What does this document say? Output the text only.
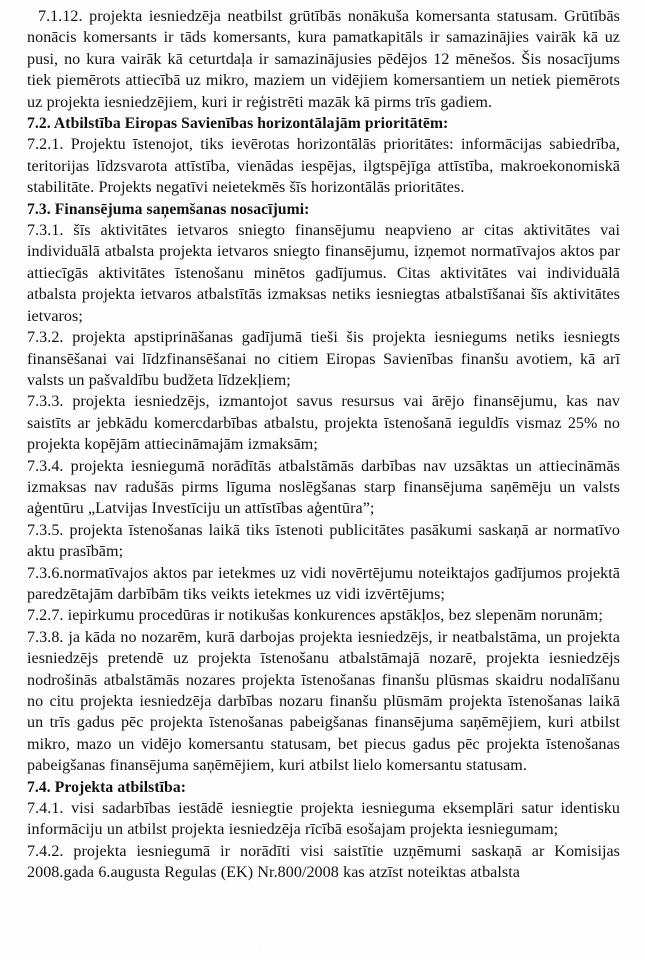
7.1.12. projekta iesniedzēja neatbilst grūtībās nonākuša komersanta statusam. Grūtībās nonācis komersants ir tāds komersants, kura pamatkapitāls ir samazinājies vairāk kā uz pusi, no kura vairāk kā ceturtdaļa ir samazinājusies pēdējos 12 mēnešos. Šis nosacījums tiek piemērots attiecībā uz mikro, maziem un vidējiem komersantiem un netiek piemērots uz projekta iesniedzējiem, kuri ir reģistrēti mazāk kā pirms trīs gadiem.

7.2. Atbilstība Eiropas Savienības horizontālajām prioritātēm:

7.2.1. Projektu īstenojot, tiks ievērotas horizontālās prioritātes: informācijas sabiedrība, teritorijas līdzsvarota attīstība, vienādas iespējas, ilgtspējīga attīstība, makroekonomiskā stabilitāte. Projekts negatīvi neietekmēs šīs horizontālās prioritātes.

7.3. Finansējuma saņemšanas nosacījumi:

7.3.1. šīs aktivitātes ietvaros sniegto finansējumu neapvieno ar citas aktivitātes vai individuālā atbalsta projekta ietvaros sniegto finansējumu, izņemot normatīvajos aktos par attiecīgās aktivitātes īstenošanu minētos gadījumus. Citas aktivitātes vai individuālā atbalsta projekta ietvaros atbalstītās izmaksas netiks iesniegtas atbalstīšanai šīs aktivitātes ietvaros;

7.3.2. projekta apstiprināšanas gadījumā tieši šis projekta iesniegums netiks iesniegts finansēšanai vai līdzfinansēšanai no citiem Eiropas Savienības finanšu avotiem, kā arī valsts un pašvaldību budžeta līdzekļiem;

7.3.3. projekta iesniedzējs, izmantojot savus resursus vai ārējo finansējumu, kas nav saistīts ar jebkādu komercdarbības atbalstu, projekta īstenošanā ieguldīs vismaz 25% no projekta kopējām attiecināmajām izmaksām;

7.3.4. projekta iesniegumā norādītās atbalstāmās darbības nav uzsāktas un attiecināmās izmaksas nav radušās pirms līguma noslēgšanas starp finansējuma saņēmēju un valsts aģentūru „Latvijas Investīciju un attīstības aģentūra”;

7.3.5. projekta īstenošanas laikā tiks īstenoti publicitātes pasākumi saskaņā ar normatīvo aktu prasībām;

7.3.6.normatīvajos aktos par ietekmes uz vidi novērtējumu noteiktajos gadījumos projektā paredzētajām darbībām tiks veikts ietekmes uz vidi izvērtējums;

7.2.7. iepirkumu procedūras ir notikušas konkurences apstākļos, bez slepenām norunām;

7.3.8. ja kāda no nozarēm, kurā darbojas projekta iesniedzējs, ir neatbalstāma, un projekta iesniedzējs pretendē uz projekta īstenošanu atbalstāmajā nozarē, projekta iesniedzējs nodrošinās atbalstāmās nozares projekta īstenošanas finanšu plūsmas skaidru nodalīšanu no citu projekta iesniedzēja darbības nozaru finanšu plūsmām projekta īstenošanas laikā un trīs gadus pēc projekta īstenošanas pabeigšanas finansējuma saņēmējiem, kuri atbilst mikro, mazo un vidējo komersantu statusam, bet piecus gadus pēc projekta īstenošanas pabeigšanas finansējuma saņēmējiem, kuri atbilst lielo komersantu statusam.

7.4. Projekta atbilstība:

7.4.1. visi sadarbības iestādē iesniegtie projekta iesnieguma eksemplāri satur identisku informāciju un atbilst projekta iesniedzēja rīcībā esošajam projekta iesniegumam;

7.4.2. projekta iesniegumā ir norādīti visi saistītie uzņēmumi saskaņā ar Komisijas 2008.gada 6.augusta Regulas (EK) Nr.800/2008 kas atzīst noteiktas atbalsta
